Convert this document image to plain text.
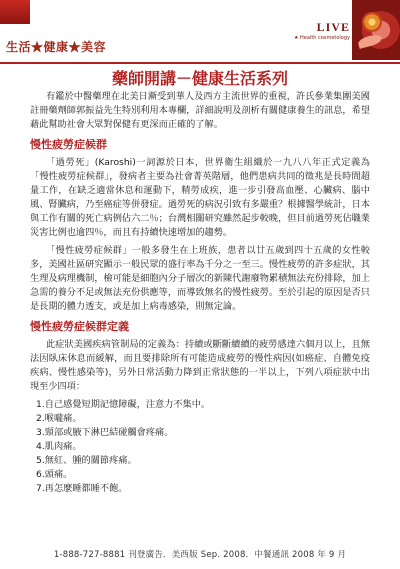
生活★健康★美容
LIVE
★ Health cosmetology
藥師開講－健康生活系列

有鑑於中醫藥理在北美日漸受到華人及西方主流世界的重視，許氏參業集團美國註冊藥劑師郭振益先生特別利用本專欄，詳細說明及剖析有關健康養生的訊息，希望藉此幫助社會大眾對保健有更深而正確的了解。

慢性疲勞症候群

「過勞死」(Karoshi)一詞源於日本，世界衛生組織於一九八八年正式定義為「慢性疲勞症候群」，發病者主要為社會菁英階層，他們患病共同的徵兆是長時間超量工作，在缺乏適當休息和運動下，精勞成疾，進一步引發高血壓、心臟病、腦中風、腎臟病，乃至癌症等併發症。過勞死的病況引致有多嚴重？根據醫學統計，日本與工作有關的死亡病例佔六二％；台灣相關研究雖然起步較晚，但目前過勞死佔職業災害比例也逾四％，而且有持續快速增加的趨勢。

「慢性疲勞症候群」一般多發生在上班族，患者以廿五歲到四十五歲的女性較多，美國社區研究顯示一般民眾的盛行率為千分之一至三。慢性疲勞的許多症狀，其生理及病理機制，檢可能是細胞內分子層次的新陳代謝廢物累積無法充份排除，加上急需的養分不足或無法充份供應等，而導致無名的慢性疲勞。至於引起的原因是否只是長期的體力透支，或是加上病毒感染，則無定論。

慢性疲勞症候群定義

此症狀美國疾病管制局的定義為：持續或斷斷續續的疲勞感達六個月以上，且無法因臥床休息而緩解，而且要排除所有可能造成疲勞的慢性病因(如癌症、自體免疫疾病、慢性感染等)，另外日常活動力降到正常狀態的一半以上，下列八項症狀中出現至少四項：

1.自己感覺短期記憶障礙，注意力不集中。
2.喉嚨痛。
3.頸部或腋下淋巴結碰觸會疼痛。
4.肌肉痛。
5.無紅、腫的關節疼痛。
6.頭痛。
7.再怎麼睡都睡不飽。
1-888-727-8881 刊登廣告．美西版 Sep. 2008．中餐通訊 2008 年 9 月
